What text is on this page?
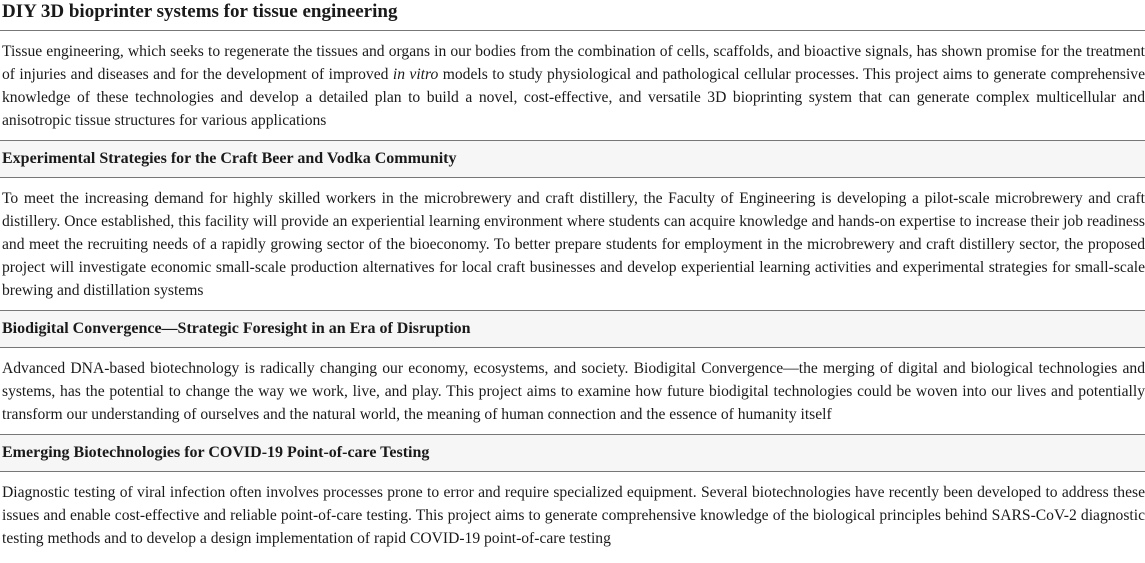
DIY 3D bioprinter systems for tissue engineering

Tissue engineering, which seeks to regenerate the tissues and organs in our bodies from the combination of cells, scaffolds, and bioactive signals, has shown promise for the treatment of injuries and diseases and for the development of improved in vitro models to study physiological and pathological cellular processes. This project aims to generate comprehensive knowledge of these technologies and develop a detailed plan to build a novel, cost-effective, and versatile 3D bioprinting system that can generate complex multicellular and anisotropic tissue structures for various applications

Experimental Strategies for the Craft Beer and Vodka Community

To meet the increasing demand for highly skilled workers in the microbrewery and craft distillery, the Faculty of Engineering is developing a pilot-scale microbrewery and craft distillery. Once established, this facility will provide an experiential learning environment where students can acquire knowledge and hands-on expertise to increase their job readiness and meet the recruiting needs of a rapidly growing sector of the bioeconomy. To better prepare students for employment in the microbrewery and craft distillery sector, the proposed project will investigate economic small-scale production alternatives for local craft businesses and develop experiential learning activities and experimental strategies for small-scale brewing and distillation systems

Biodigital Convergence—Strategic Foresight in an Era of Disruption

Advanced DNA-based biotechnology is radically changing our economy, ecosystems, and society. Biodigital Convergence—the merging of digital and biological technologies and systems, has the potential to change the way we work, live, and play. This project aims to examine how future biodigital technologies could be woven into our lives and potentially transform our understanding of ourselves and the natural world, the meaning of human connection and the essence of humanity itself

Emerging Biotechnologies for COVID-19 Point-of-care Testing

Diagnostic testing of viral infection often involves processes prone to error and require specialized equipment. Several biotechnologies have recently been developed to address these issues and enable cost-effective and reliable point-of-care testing. This project aims to generate comprehensive knowledge of the biological principles behind SARS-CoV-2 diagnostic testing methods and to develop a design implementation of rapid COVID-19 point-of-care testing
